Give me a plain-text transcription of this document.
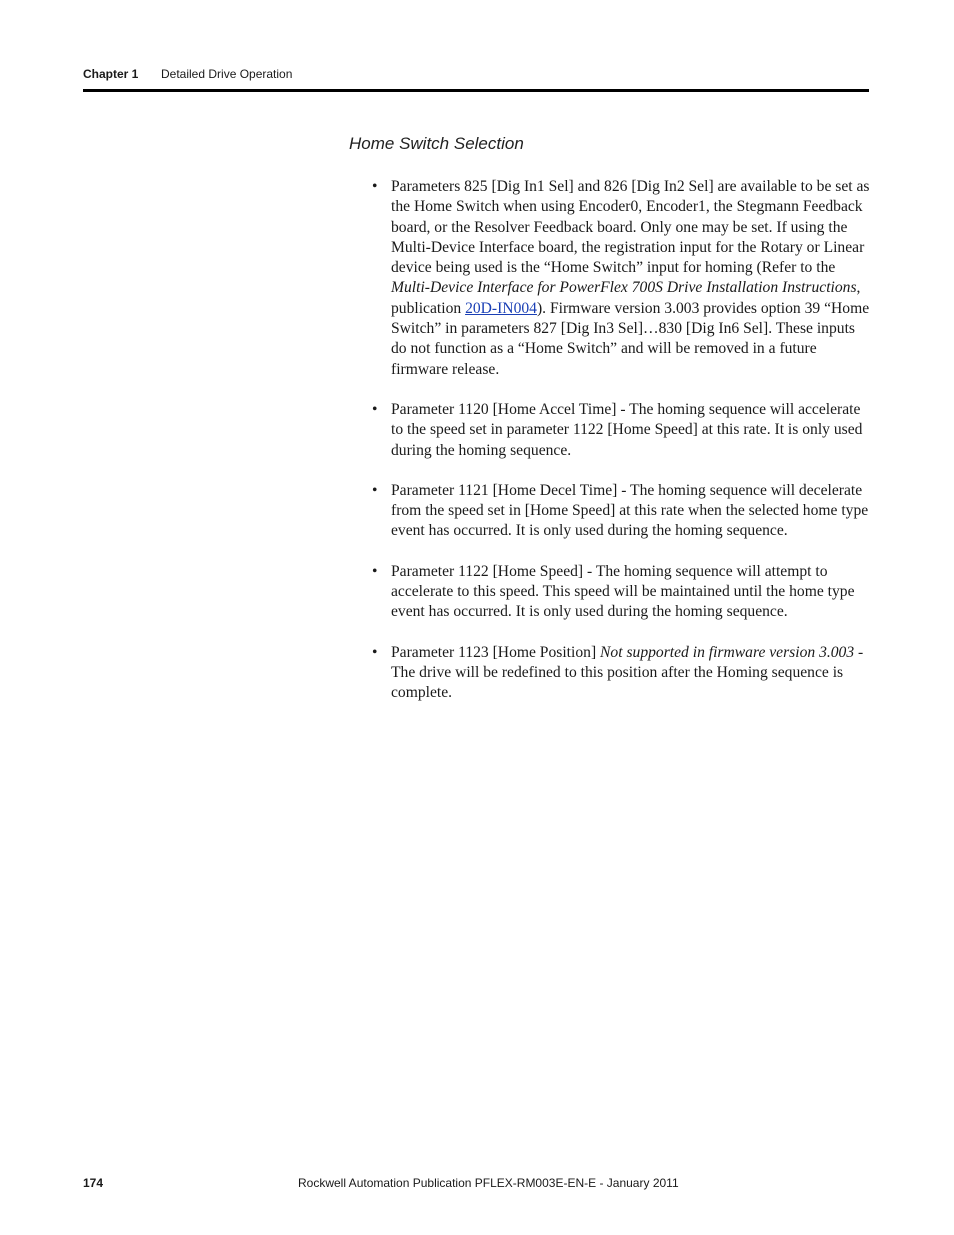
Chapter 1 Detailed Drive Operation
Home Switch Selection
• Parameters 825 [Dig In1 Sel] and 826 [Dig In2 Sel] are available to be set as the Home Switch when using Encoder0, Encoder1, the Stegmann Feedback board, or the Resolver Feedback board. Only one may be set. If using the Multi-Device Interface board, the registration input for the Rotary or Linear device being used is the “Home Switch” input for homing (Refer to the Multi-Device Interface for PowerFlex 700S Drive Installation Instructions, publication 20D-IN004). Firmware version 3.003 provides option 39 “Home Switch” in parameters 827 [Dig In3 Sel]…830 [Dig In6 Sel]. These inputs do not function as a “Home Switch” and will be removed in a future firmware release.
• Parameter 1120 [Home Accel Time] - The homing sequence will accelerate to the speed set in parameter 1122 [Home Speed] at this rate. It is only used during the homing sequence.
• Parameter 1121 [Home Decel Time] - The homing sequence will decelerate from the speed set in [Home Speed] at this rate when the selected home type event has occurred. It is only used during the homing sequence.
• Parameter 1122 [Home Speed] - The homing sequence will attempt to accelerate to this speed. This speed will be maintained until the home type event has occurred. It is only used during the homing sequence.
• Parameter 1123 [Home Position] Not supported in firmware version 3.003 - The drive will be redefined to this position after the Homing sequence is complete.
174	Rockwell Automation Publication PFLEX-RM003E-EN-E - January 2011
